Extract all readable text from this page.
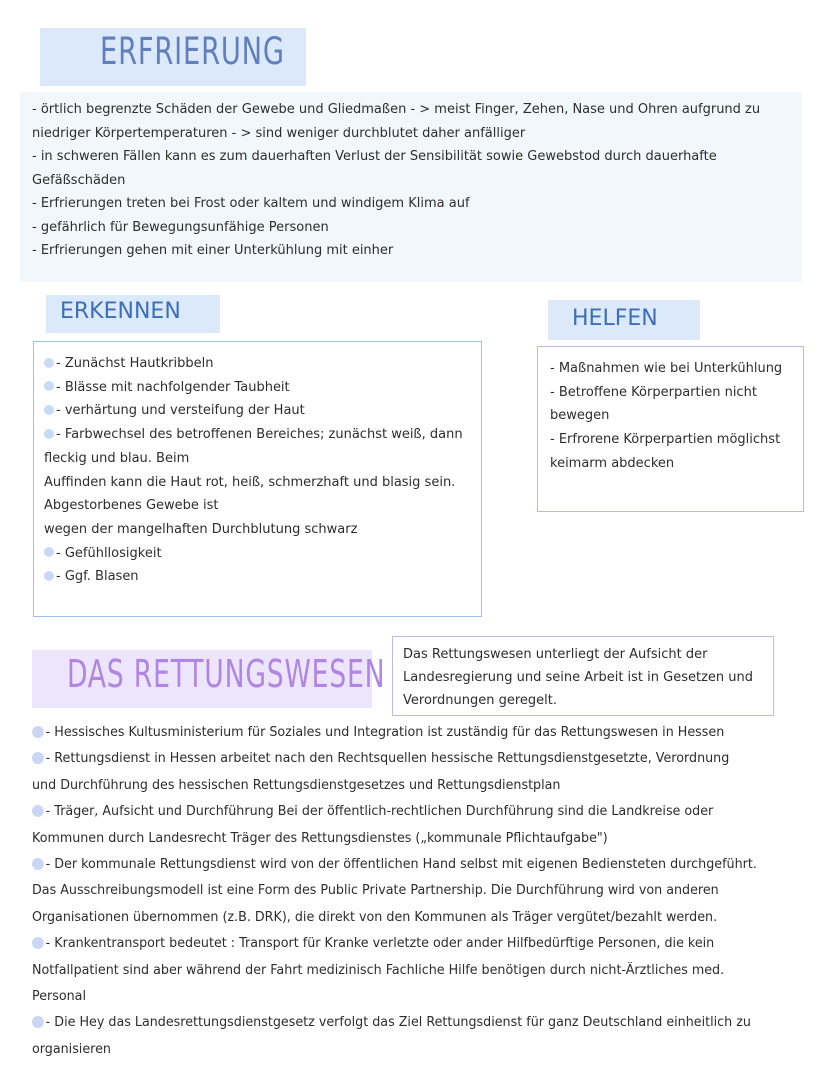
ERFRIERUNG
- örtlich begrenzte Schäden der Gewebe und Gliedmaßen - > meist Finger, Zehen, Nase und Ohren aufgrund zu
niedriger Körpertemperaturen - > sind weniger durchblutet daher anfälliger
- in schweren Fällen kann es zum dauerhaften Verlust der Sensibilität sowie Gewebstod durch dauerhafte
Gefäßschäden
- Erfrierungen treten bei Frost oder kaltem und windigem Klima auf
- gefährlich für Bewegungsunfähige Personen
- Erfrierungen gehen mit einer Unterkühlung mit einher
ERKENNEN	HELFEN
- Zunächst Hautkribbeln
- Blässe mit nachfolgender Taubheit
- verhärtung und versteifung der Haut
- Farbwechsel des betroffenen Bereiches; zunächst weiß, dann
fleckig und blau. Beim
Auffinden kann die Haut rot, heiß, schmerzhaft und blasig sein.
Abgestorbenes Gewebe ist
wegen der mangelhaften Durchblutung schwarz
- Gefühllosigkeit
- Ggf. Blasen
- Maßnahmen wie bei Unterkühlung
- Betroffene Körperpartien nicht
bewegen
- Erfrorene Körperpartien möglichst
keimarm abdecken
DAS RETTUNGSWESEN Das Rettungswesen unterliegt der Aufsicht der
Landesregierung und seine Arbeit ist in Gesetzen und
Verordnungen geregelt.
- Hessisches Kultusministerium für Soziales und Integration ist zuständig für das Rettungswesen in Hessen
- Rettungsdienst in Hessen arbeitet nach den Rechtsquellen hessische Rettungsdienstgesetzte, Verordnung
und Durchführung des hessischen Rettungsdienstgesetzes und Rettungsdienstplan
- Träger, Aufsicht und Durchführung Bei der öffentlich-rechtlichen Durchführung sind die Landkreise oder
Kommunen durch Landesrecht Träger des Rettungsdienstes („kommunale Pflichtaufgabe")
- Der kommunale Rettungsdienst wird von der öffentlichen Hand selbst mit eigenen Bediensteten durchgeführt.
Das Ausschreibungsmodell ist eine Form des Public Private Partnership. Die Durchführung wird von anderen
Organisationen übernommen (z.B. DRK), die direkt von den Kommunen als Träger vergütet/bezahlt werden.
- Krankentransport bedeutet : Transport für Kranke verletzte oder ander Hilfbedürftige Personen, die kein
Notfallpatient sind aber während der Fahrt medizinisch Fachliche Hilfe benötigen durch nicht-Ärztliches med.
Personal
- Die Hey das Landesrettungsdienstgesetz verfolgt das Ziel Rettungsdienst für ganz Deutschland einheitlich zu
organisieren
